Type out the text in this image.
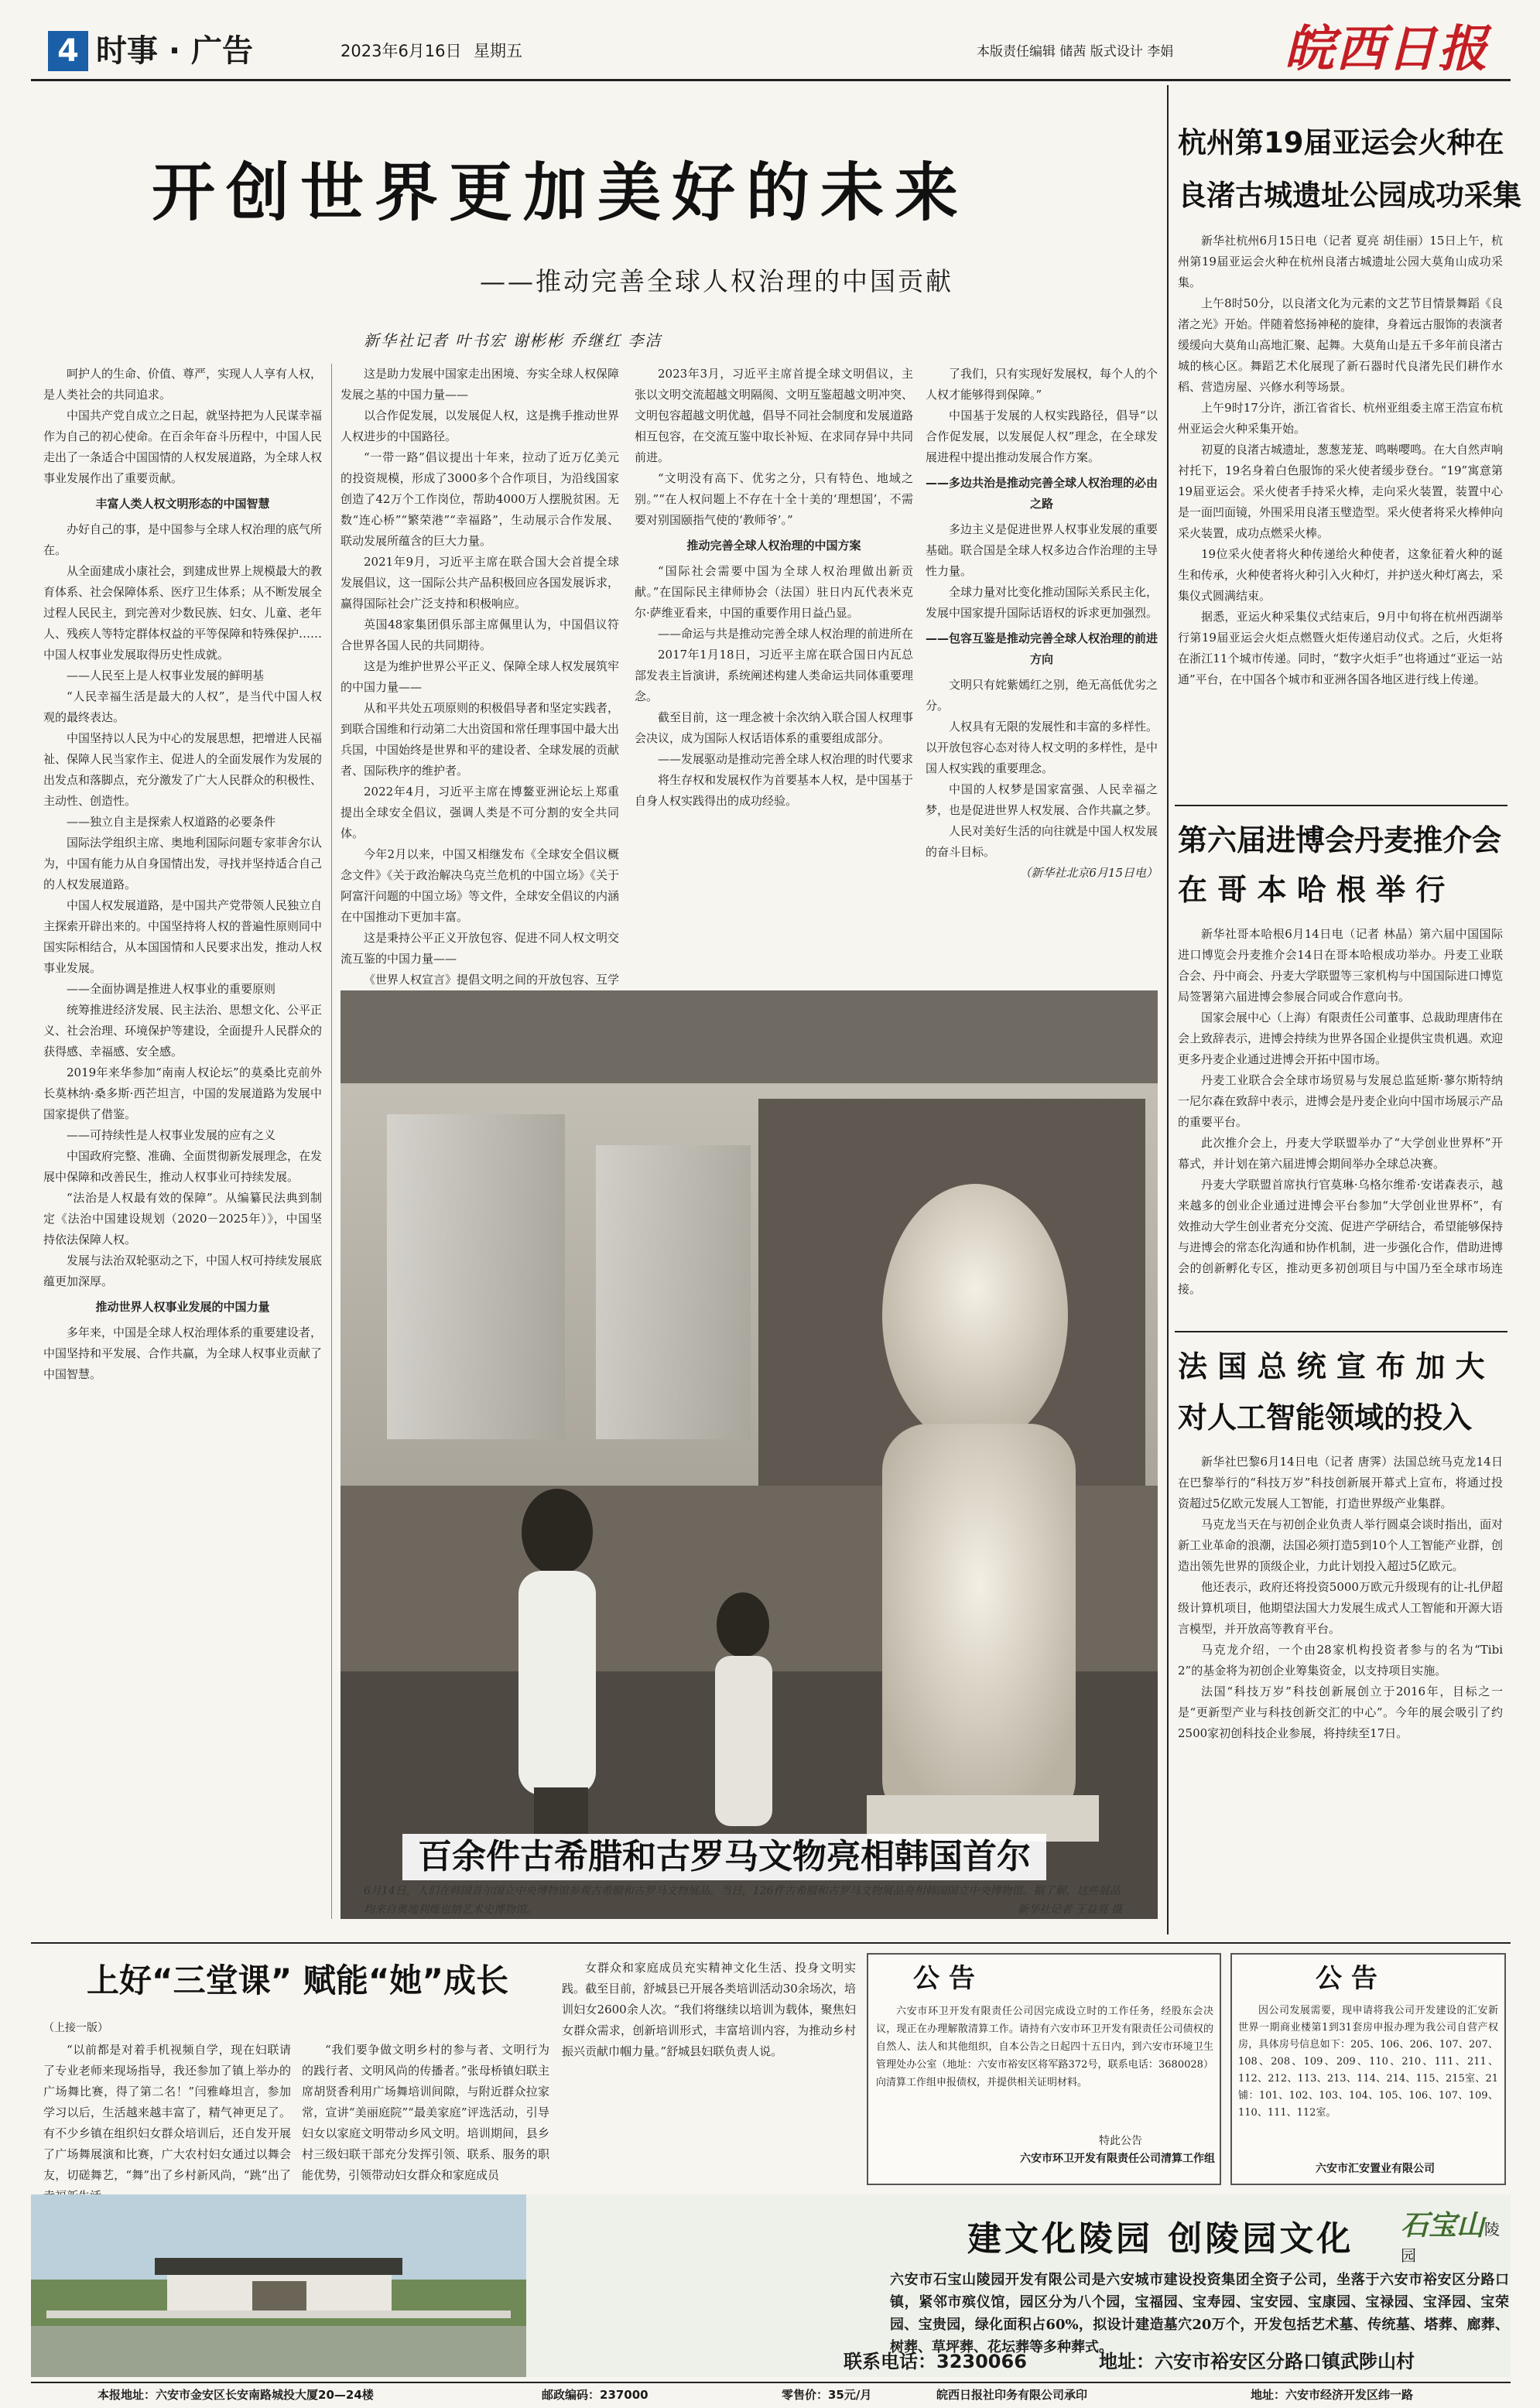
4 时事 · 广告	2023年6月16日 星期五	本版责任编辑 储茜 版式设计 李娟 皖西日报
开创世界更加美好的未来
——推动完善全球人权治理的中国贡献
新华社记者 叶书宏 谢彬彬 乔继红 李洁

呵护人的生命、价值、尊严，实现人人享有人权，是人类社会的共同追求。

中国共产党自成立之日起，就坚持把为人民谋幸福作为自己的初心使命。在百余年奋斗历程中，中国人民走出了一条适合中国国情的人权发展道路，为全球人权事业发展作出了重要贡献。

丰富人类人权文明形态的中国智慧

办好自己的事，是中国参与全球人权治理的底气所在。

从全面建成小康社会，到建成世界上规模最大的教育体系、社会保障体系、医疗卫生体系；从不断发展全过程人民民主，到完善对少数民族、妇女、儿童、老年人、残疾人等特定群体权益的平等保障和特殊保护……中国人权事业发展取得历史性成就。

——人民至上是人权事业发展的鲜明基

“人民幸福生活是最大的人权”，是当代中国人权观的最终表达。

中国坚持以人民为中心的发展思想，把增进人民福祉、保障人民当家作主、促进人的全面发展作为发展的出发点和落脚点，充分激发了广大人民群众的积极性、主动性、创造性。

——独立自主是探索人权道路的必要条件

国际法学组织主席、奥地利国际问题专家菲舍尔认为，中国有能力从自身国情出发，寻找并坚持适合自己的人权发展道路。

中国人权发展道路，是中国共产党带领人民独立自主探索开辟出来的。中国坚持将人权的普遍性原则同中国实际相结合，从本国国情和人民要求出发，推动人权事业发展。

——全面协调是推进人权事业的重要原则

统筹推进经济发展、民主法治、思想文化、公平正义、社会治理、环境保护等建设，全面提升人民群众的获得感、幸福感、安全感。

2019年来华参加“南南人权论坛”的莫桑比克前外长莫林纳·桑多斯·西芒坦言，中国的发展道路为发展中国家提供了借鉴。

——可持续性是人权事业发展的应有之义

中国政府完整、准确、全面贯彻新发展理念，在发展中保障和改善民生，推动人权事业可持续发展。

“法治是人权最有效的保障”。从编纂民法典到制定《法治中国建设规划（2020－2025年）》，中国坚持依法保障人权。

发展与法治双轮驱动之下，中国人权可持续发展底蕴更加深厚。

推动世界人权事业发展的中国力量

多年来，中国是全球人权治理体系的重要建设者，中国坚持和平发展、合作共赢，为全球人权事业贡献了中国智慧。

这是助力发展中国家走出困境、夯实全球人权保障发展之基的中国力量——

以合作促发展，以发展促人权，这是携手推动世界人权进步的中国路径。

“一带一路”倡议提出十年来，拉动了近万亿美元的投资规模，形成了3000多个合作项目，为沿线国家创造了42万个工作岗位，帮助4000万人摆脱贫困。无数“连心桥”“繁荣港”“幸福路”，生动展示合作发展、联动发展所蕴含的巨大力量。

2021年9月，习近平主席在联合国大会首提全球发展倡议，这一国际公共产品积极回应各国发展诉求，赢得国际社会广泛支持和积极响应。

英国48家集团俱乐部主席佩里认为，中国倡议符合世界各国人民的共同期待。

这是为维护世界公平正义、保障全球人权发展筑牢的中国力量——

从和平共处五项原则的积极倡导者和坚定实践者，到联合国维和行动第二大出资国和常任理事国中最大出兵国，中国始终是世界和平的建设者、全球发展的贡献者、国际秩序的维护者。

2022年4月，习近平主席在博鳌亚洲论坛上郑重提出全球安全倡议，强调人类是不可分割的安全共同体。

今年2月以来，中国又相继发布《全球安全倡议概念文件》《关于政治解决乌克兰危机的中国立场》《关于阿富汗问题的中国立场》等文件，全球安全倡议的内涵在中国推动下更加丰富。

这是秉持公平正义开放包容、促进不同人权文明交流互鉴的中国力量——

《世界人权宣言》提倡文明之间的开放包容、互学

2023年3月，习近平主席首提全球文明倡议，主张以文明交流超越文明隔阂、文明互鉴超越文明冲突、文明包容超越文明优越，倡导不同社会制度和发展道路相互包容，在交流互鉴中取长补短、在求同存异中共同前进。

“文明没有高下、优劣之分，只有特色、地域之别。”“在人权问题上不存在十全十美的‘理想国’，不需要对别国颐指气使的‘教师爷’。”

推动完善全球人权治理的中国方案

“国际社会需要中国为全球人权治理做出新贡献。”在国际民主律师协会（法国）驻日内瓦代表米克尔·萨维亚看来，中国的重要作用日益凸显。

——命运与共是推动完善全球人权治理的前进所在

2017年1月18日，习近平主席在联合国日内瓦总部发表主旨演讲，系统阐述构建人类命运共同体重要理念。

截至目前，这一理念被十余次纳入联合国人权理事会决议，成为国际人权话语体系的重要组成部分。

——发展驱动是推动完善全球人权治理的时代要求

将生存权和发展权作为首要基本人权，是中国基于自身人权实践得出的成功经验。

了我们，只有实现好发展权，每个人的个人权才能够得到保障。”

中国基于发展的人权实践路径，倡导“以合作促发展，以发展促人权”理念，在全球发展进程中提出推动发展合作方案。

——多边共治是推动完善全球人权治理的必由之路

多边主义是促进世界人权事业发展的重要基础。联合国是全球人权多边合作治理的主导性力量。

全球力量对比变化推动国际关系民主化，发展中国家提升国际话语权的诉求更加强烈。

——包容互鉴是推动完善全球人权治理的前进方向

文明只有姹紫嫣红之别，绝无高低优劣之分。

人权具有无限的发展性和丰富的多样性。以开放包容心态对待人权文明的多样性，是中国人权实践的重要理念。

中国的人权梦是国家富强、人民幸福之梦，也是促进世界人权发展、合作共赢之梦。

人民对美好生活的向往就是中国人权发展的奋斗目标。

（新华社北京6月15日电）

百余件古希腊和古罗马文物亮相韩国首尔
6月14日，人们在韩国首尔国立中央博物馆参观古希腊和古罗马文物展品。当日，126件古希腊和古罗马文物展品亮相韩国国立中央博物馆。据了解，这些展品均来自奥地利维也纳艺术史博物馆。	新华社记者 王益亮 摄
杭州第19届亚运会火种在
良渚古城遗址公园成功采集

新华社杭州6月15日电（记者 夏亮 胡佳丽）15日上午，杭州第19届亚运会火种在杭州良渚古城遗址公园大莫角山成功采集。

上午8时50分，以良渚文化为元素的文艺节目情景舞蹈《良渚之光》开始。伴随着悠扬神秘的旋律，身着远古服饰的表演者缓缓向大莫角山高地汇聚、起舞。大莫角山是五千多年前良渚古城的核心区。舞蹈艺术化展现了新石器时代良渚先民们耕作水稻、营造房屋、兴修水利等场景。

上午9时17分许，浙江省省长、杭州亚组委主席王浩宣布杭州亚运会火种采集开始。

初夏的良渚古城遗址，葱葱茏茏、鸣啭嘤鸣。在大自然声响衬托下，19名身着白色服饰的采火使者缓步登台。“19”寓意第19届亚运会。采火使者手持采火棒，走向采火装置，装置中心是一面凹面镜，外围采用良渚玉璧造型。采火使者将采火棒伸向采火装置，成功点燃采火棒。

19位采火使者将火种传递给火种使者，这象征着火种的诞生和传承，火种使者将火种引入火种灯，并护送火种灯离去，采集仪式圆满结束。

据悉，亚运火种采集仪式结束后，9月中旬将在杭州西湖举行第19届亚运会火炬点燃暨火炬传递启动仪式。之后，火炬将在浙江11个城市传递。同时，“数字火炬手”也将通过“亚运一站通”平台，在中国各个城市和亚洲各国各地区进行线上传递。

第六届进博会丹麦推介会
在 哥 本 哈 根 举 行

新华社哥本哈根6月14日电（记者 林晶）第六届中国国际进口博览会丹麦推介会14日在哥本哈根成功举办。丹麦工业联合会、丹中商会、丹麦大学联盟等三家机构与中国国际进口博览局签署第六届进博会参展合同或合作意向书。

国家会展中心（上海）有限责任公司董事、总裁助理唐伟在会上致辞表示，进博会持续为世界各国企业提供宝贵机遇。欢迎更多丹麦企业通过进博会开拓中国市场。

丹麦工业联合会全球市场贸易与发展总监延斯·蓼尔斯特纳一尼尔森在致辞中表示，进博会是丹麦企业向中国市场展示产品的重要平台。

此次推介会上，丹麦大学联盟举办了“大学创业世界杯”开幕式，并计划在第六届进博会期间举办全球总决赛。

丹麦大学联盟首席执行官莫琳·乌格尔维希·安诺森表示，越来越多的创业企业通过进博会平台参加“大学创业世界杯”，有效推动大学生创业者充分交流、促进产学研结合，希望能够保持与进博会的常态化沟通和协作机制，进一步强化合作，借助进博会的创新孵化专区，推动更多初创项目与中国乃至全球市场连接。

法 国 总 统 宣 布 加 大
对人工智能领域的投入

新华社巴黎6月14日电（记者 唐霁）法国总统马克龙14日在巴黎举行的“科技万岁”科技创新展开幕式上宣布，将通过投资超过5亿欧元发展人工智能，打造世界级产业集群。

马克龙当天在与初创企业负责人举行圆桌会谈时指出，面对新工业革命的浪潮，法国必须打造5到10个人工智能产业群，创造出领先世界的顶级企业，力此计划投入超过5亿欧元。

他还表示，政府还将投资5000万欧元升级现有的让-扎伊超级计算机项目，他期望法国大力发展生成式人工智能和开源大语言模型，并开放高等教育平台。

马克龙介绍，一个由28家机构投资者参与的名为“Tibi 2”的基金将为初创企业筹集资金，以支持项目实施。

法国“科技万岁”科技创新展创立于2016年，目标之一是“更新型产业与科技创新交汇的中心”。今年的展会吸引了约2500家初创科技企业参展，将持续至17日。

（上接一版）
上好“三堂课” 赋能“她”成长

“以前都是对着手机视频自学，现在妇联请了专业老师来现场指导，我还参加了镇上举办的广场舞比赛，得了第二名！”闫雅峰坦言，参加学习以后，生活越来越丰富了，精气神更足了。有不少乡镇在组织妇女群众培训后，还自发开展了广场舞展演和比赛，广大农村妇女通过以舞会友，切磋舞艺，“舞”出了乡村新风尚，“跳”出了

“我们要争做文明乡村的参与者、文明行为的践行者、文明风尚的传播者。”张母桥镇妇联主席胡贤香利用广场舞培训间隙，与附近群众拉家常，宣讲“美丽庭院”“最美家庭”评选活动，引导妇女以家庭文明带动乡风文明。培训期间，县乡村三级妇联干部充分发挥引领、联系、服务的职能优势，引领带动妇女群众和家庭成员

女群众和家庭成员充实精神文化生活、投身文明实践。截至目前，舒城县已开展各类培训活动30余场次，培训妇女2600余人次。“我们将继续以培训为载体，聚焦妇女群众需求，创新培训形式，丰富培训内容，为推动乡村振兴贡献巾帼力量。”舒城县妇联负责人说。

公 告

六安市环卫开发有限责任公司因完成设立时的工作任务，经股东会决议，现正在办理解散清算工作。请持有六安市环卫开发有限责任公司债权的自然人、法人和其他组织，自本公告之日起四十五日内，到六安市环境卫生管理处办公室（地址：六安市裕安区将军路372号，联系电话：3680028）向清算工作组申报债权，并提供相关证明材料。

特此公告
六安市环卫开发有限责任公司清算工作组
公 告

因公司发展需要，现申请将我公司开发建设的汇安新世界一期商业楼第1到31套房申报办理为我公司自营产权房，具体房号信息如下：205、106、206、107、207、108、208、109、209、110、210、111、211、112、212、113、213、114、214、115、215室、21铺：101、102、103、104、105、106、107、109、110、111、112室。

六安市汇安置业有限公司
石宝山陵园
建文化陵园 创陵园文化
六安市石宝山陵园开发有限公司是六安城市建设投资集团全资子公司，坐落于六安市裕安区分路口镇，紧邻市殡仪馆，园区分为八个园，宝福园、宝寿园、宝安园、宝康园、宝禄园、宝泽园、宝荣园、宝贵园，绿化面积占60%，拟设计建造墓穴20万个，开发包括艺术墓、传统墓、塔葬、廊葬、树葬、草坪葬、花坛葬等多种葬式。
联系电话：3230066	地址：六安市裕安区分路口镇武陟山村
本报地址：六安市金安区长安南路城投大厦20—24楼	邮政编码：237000	零售价：35元/月	皖西日报社印务有限公司承印	地址：六安市经济开发区纬一路
